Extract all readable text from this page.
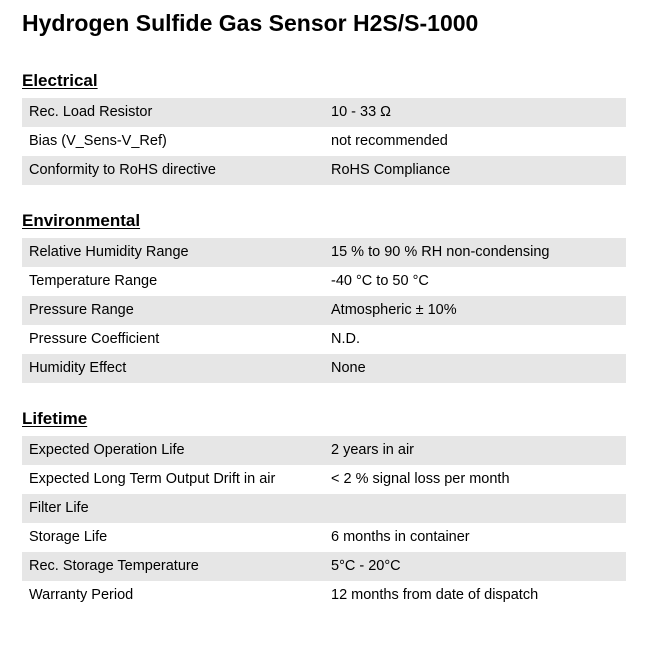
Hydrogen Sulfide Gas Sensor H2S/S-1000
Electrical
Rec. Load Resistor	10 - 33 Ω
Bias (V_Sens-V_Ref)	not recommended
Conformity to RoHS directive	RoHS Compliance
Environmental
Relative Humidity Range	15 % to 90 % RH non-condensing
Temperature Range	-40 °C to 50 °C
Pressure Range	Atmospheric ± 10%
Pressure Coefficient	N.D.
Humidity Effect	None
Lifetime
Expected Operation Life	2 years in air
Expected Long Term Output Drift in air	< 2 % signal loss per month
Filter Life
Storage Life	6 months in container
Rec. Storage Temperature	5°C - 20°C
Warranty Period	12 months from date of dispatch
